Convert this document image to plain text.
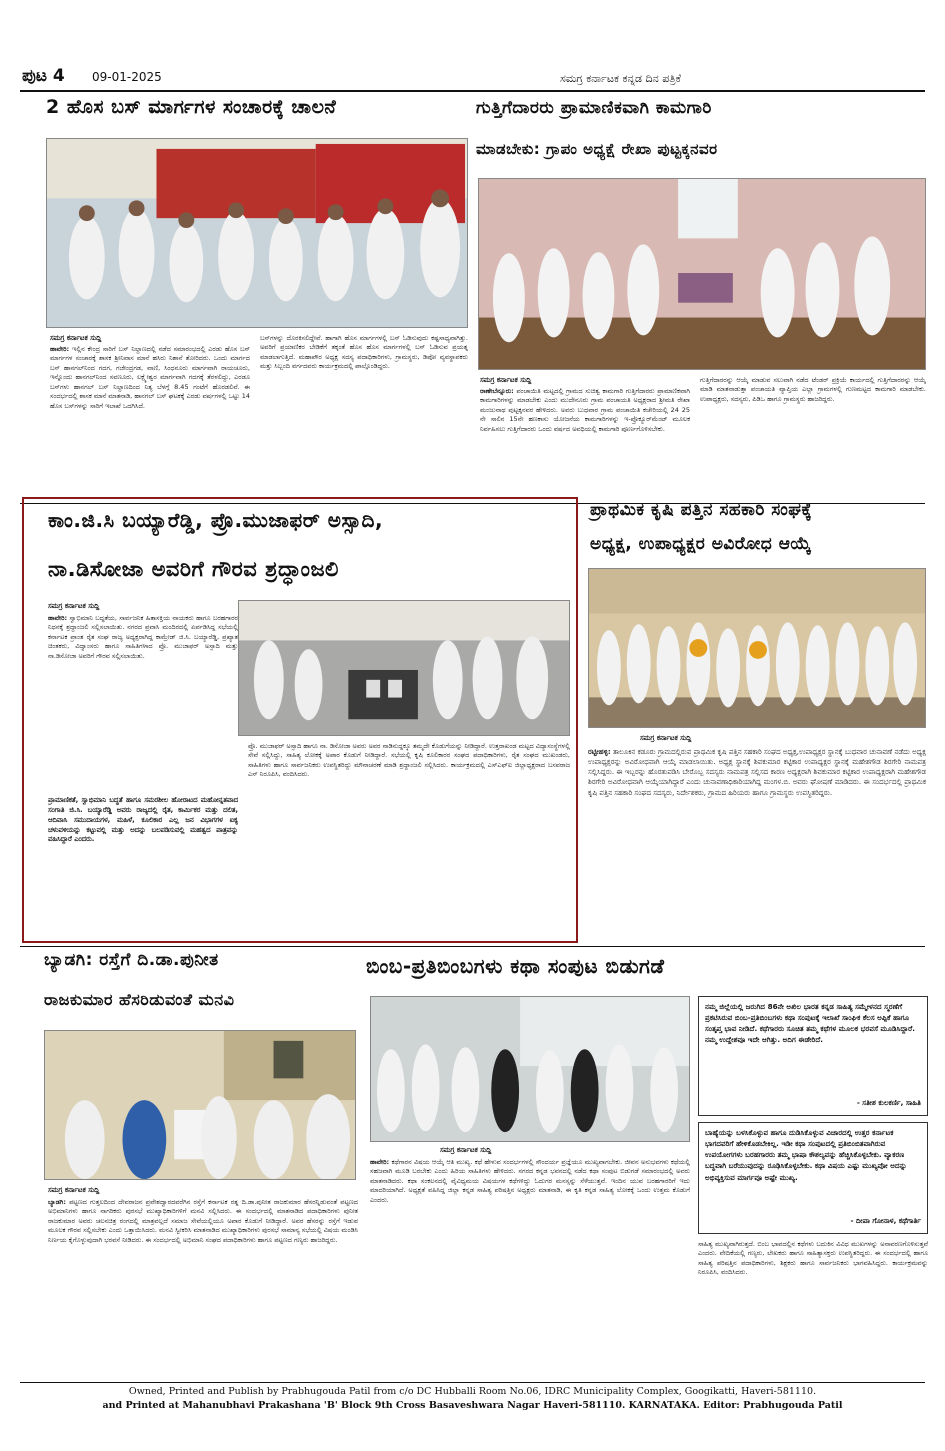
ಪುಟ 4 09-01-2025	ಸಮಗ್ರ ಕರ್ನಾಟಕ ಕನ್ನಡ ದಿನ ಪತ್ರಿಕೆ
2 ಹೊಸ ಬಸ್ ಮಾರ್ಗಗಳ ಸಂಚಾರಕ್ಕೆ ಚಾಲನೆ
ಸಮಗ್ರ ಕರ್ನಾಟಕ ಸುದ್ದಿ
ಹಾವೇರಿ: ಇಲ್ಲಿನ ಕೇಂದ್ರ ಸಾರಿಗೆ ಬಸ್ ನಿಲ್ದಾಣದಲ್ಲಿ ನಡೆದ ಸಮಾರಂಭದಲ್ಲಿ ಎರಡು ಹೊಸ ಬಸ್ ಮಾರ್ಗಗಳ ಸಂಚಾರಕ್ಕೆ ಶಾಸಕ ಶ್ರೀನಿವಾಸ ಮಾನೆ ಹಸಿರು ನಿಶಾನೆ ತೋರಿದರು. ಒಂದು ಮಾರ್ಗದ ಬಸ್ ಹಾನಗಲ್‌ನಿಂದ ಗದಗ, ಗಜೇಂದ್ರಗಡ, ವಾಣಿ, ಸಿಂಧನೂರು ಮಾರ್ಗವಾಗಿ ರಾಯಚೂರು, ಇನ್ನೊಂದು ಹಾನಗಲ್‌ನಿಂದ ಸವಣೂರು, ಲಕ್ಷ್ಮೇಶ್ವರ ಮಾರ್ಗವಾಗಿ ಗದಗಕ್ಕೆ ತೆರಳಲಿದ್ದು, ಎರಡೂ ಬಸ್‌ಗಳು ಹಾನಗಲ್ ಬಸ್ ನಿಲ್ದಾಣದಿಂದ ನಿತ್ಯ ಬೆಳಗ್ಗೆ 8.45 ಗಂಟೆಗೆ ಹೊರಡಲಿವೆ. ಈ ಸಂದರ್ಭದಲ್ಲಿ ಶಾಸಕ ಮಾನೆ ಮಾತನಾಡಿ, ಹಾನಗಲ್ ಬಸ್ ಘಟಕಕ್ಕೆ ಎರಡು ವರ್ಷಗಳಲ್ಲಿ ಒಟ್ಟು 14 ಹೊಸ ಬಸ್‌ಗಳನ್ನು ಸಾರಿಗೆ ಇಲಾಖೆ ಒದಗಿಸಿದೆ.
ಬಸ್‌ಗಳನ್ನು ದೊರಕಿಸಲಿದ್ದೇವೆ. ಹಾಗಾಗಿ ಹೊಸ ಮಾರ್ಗಗಳಲ್ಲಿ ಬಸ್ ಓಡಿಸುವುದು ಕಷ್ಟಸಾಧ್ಯವಾಗಿತ್ತು. ಅವರಿಗೆ ಪ್ರಯಾಣಿಕರ ಬೇಡಿಕೆಗೆ ತಕ್ಕಂತೆ ಹೊಸ ಹೊಸ ಮಾರ್ಗಗಳಲ್ಲಿ ಬಸ್ ಓಡಿಸುವ ಪ್ರಯತ್ನ ಮಾಡಲಾಗುತ್ತಿದೆ. ಮಹಾಪೌರ ಅಧ್ಯಕ್ಷ ಸದಸ್ಯ ಪದಾಧಿಕಾರಿಗಳು, ಗ್ರಾಮಸ್ಥರು, ಡಿಪೋ ವ್ಯವಸ್ಥಾಪಕರು ಮತ್ತು ಸಿಬ್ಬಂದಿ ವರ್ಗದವರು ಕಾರ್ಯಕ್ರಮದಲ್ಲಿ ಪಾಲ್ಗೊಂಡಿದ್ದರು.
ಗುತ್ತಿಗೆದಾರರು ಪ್ರಾಮಾಣಿಕವಾಗಿ ಕಾಮಗಾರಿ
ಮಾಡಬೇಕು: ಗ್ರಾಪಂ ಅಧ್ಯಕ್ಷೆ ರೇಖಾ ಪುಟ್ಟಕ್ಕನವರ
ಸಮಗ್ರ ಕರ್ನಾಟಕ ಸುದ್ದಿ
ರಾಣೇಬೆನ್ನೂರು: ಪಂಚಾಯಿತಿ ಮಟ್ಟದಲ್ಲಿ ಗ್ರಾಮದ ಸುಚಿತ್ವ ಕಾಮಗಾರಿ ಗುತ್ತಿಗೆದಾರರು ಪ್ರಾಮಾಣಿಕವಾಗಿ ಕಾಮಗಾರಿಗಳನ್ನು ಮಾಡಬೇಕು ಎಂದು ಮುದೇನೂರು ಗ್ರಾಮ ಪಂಚಾಯತಿ ಅಧ್ಯಕ್ಷರಾದ ಶ್ರೀಮತಿ ರೇಖಾ ಮಂಜುನಾಥ ಪುಟ್ಟಕ್ಕನವರ ಹೇಳಿದರು. ಅವರು ಬುಧವಾರ ಗ್ರಾಮ ಪಂಚಾಯಿತಿ ಕಚೇರಿಯಲ್ಲಿ 24 25 ನೇ ಸಾಲಿನ 15ನೇ ಹಣಕಾಸು ಯೋಜನೆಯ ಕಾಮಗಾರಿಗಳನ್ನು ಇ-ಪ್ರೊಕ್ಯೂರ್‌ಮೆಂಟ್ ಮೂಲಕ ನಿರ್ವಹಿಸಲು ಗುತ್ತಿಗೆದಾರರು ಒಂದು ವರ್ಷದ ಅವಧಿಯಲ್ಲಿ ಕಾಮಗಾರಿ ಪೂರ್ಣಗೊಳಿಸಬೇಕು.
ಗುತ್ತಿಗೆದಾರರನ್ನು ಆಯ್ಕೆ ಮಾಡುವ ಸಲುವಾಗಿ ನಡೆದ ಟೆಂಡರ್ ಪ್ರಕ್ರಿಯೆ ಕಾರ್ಯದಲ್ಲಿ ಗುತ್ತಿಗೆದಾರರನ್ನು ಆಯ್ಕೆ ಮಾಡಿ ಮಾತನಾಡುತ್ತಾ ಪಂಚಾಯತಿ ವ್ಯಾಪ್ತಿಯ ಎಲ್ಲಾ ಗ್ರಾಮಗಳಲ್ಲಿ ಗುಣಮಟ್ಟದ ಕಾಮಗಾರಿ ಮಾಡಬೇಕು. ಉಪಾಧ್ಯಕ್ಷರು, ಸದಸ್ಯರು, ಪಿಡಿಒ ಹಾಗೂ ಗ್ರಾಮಸ್ಥರು ಹಾಜರಿದ್ದರು.
ಕಾಂ.ಜಿ.ಸಿ ಬಯ್ಯಾರೆಡ್ಡಿ, ಪ್ರೊ.ಮುಜಾಫರ್ ಅಸ್ಸಾದಿ,
ನಾ.ಡಿಸೋಜಾ ಅವರಿಗೆ ಗೌರವ ಶ್ರದ್ಧಾಂಜಲಿ
ಸಮಗ್ರ ಕರ್ನಾಟಕ ಸುದ್ದಿ
ಹಾವೇರಿ: ಸ್ವಾಭಿಮಾನಿ ಬದ್ಧತೆಯ, ಸಾರ್ವಜನಿಕ ಹಿತಾಸಕ್ತಿಯ ನಾಯಕರು ಹಾಗೂ ಬರಹಗಾರರ ನಿಧನಕ್ಕೆ ಶ್ರದ್ಧಾಂಜಲಿ ಸಲ್ಲಿಸಲಾಯಿತು. ನಗರದ ಪ್ರವಾಸಿ ಮಂದಿರದಲ್ಲಿ ಏರ್ಪಡಿಸಿದ್ದ ಸಭೆಯಲ್ಲಿ ಕರ್ನಾಟಕ ಪ್ರಾಂತ ರೈತ ಸಂಘ ರಾಜ್ಯ ಅಧ್ಯಕ್ಷರಾಗಿದ್ದ ಕಾಮ್ರೇಡ್ ಜಿ.ಸಿ. ಬಯ್ಯಾರೆಡ್ಡಿ, ಪ್ರಖ್ಯಾತ ಚಿಂತಕರು, ವಿದ್ವಾಂಸರು ಹಾಗೂ ಸಾಹಿತಿಗಳಾದ ಪ್ರೊ. ಮುಜಾಫರ್ ಅಸ್ಸಾದಿ ಮತ್ತು ನಾ.ಡಿಸೋಜಾ ಅವರಿಗೆ ಗೌರವ ಸಲ್ಲಿಸಲಾಯಿತು.
ಪ್ರಾಮಾಣಿಕತೆ, ಸ್ವಾಭಿಮಾನಿ ಬದ್ಧತೆ ಹಾಗೂ ಸಮರಶೀಲ ಹೋರಾಟದ ಮಹೋನ್ನತವಾದ ಸಂಗಾತಿ ಜಿ.ಸಿ. ಬಯ್ಯಾರೆಡ್ಡಿ ಅವರು ರಾಜ್ಯದಲ್ಲಿ ರೈತ, ಕಾರ್ಮಿಕರ ಮತ್ತು ದಲಿತ, ಆದಿವಾಸಿ ಸಮುದಾಯಗಳ, ಮಹಿಳೆ, ಕೂಲಿಕಾರ ಎಲ್ಲ ಜನ ವಿಭಾಗಗಳ ಐಕ್ಯ ಚಳುವಳಿಯನ್ನು ಕಟ್ಟುವಲ್ಲಿ ಮತ್ತು ಅದನ್ನು ಬಲಪಡಿಸುವಲ್ಲಿ ಮಹತ್ವದ ಪಾತ್ರವನ್ನು ವಹಿಸಿದ್ದಾರೆ ಎಂದರು.
ಪ್ರೊ. ಮುಜಾಫರ್ ಅಸ್ಸಾದಿ ಹಾಗೂ ನಾ. ಡಿಸೋಜಾ ಅವರು ಅವರ ನಾಡಿನುದ್ದಕ್ಕೂ ತಮ್ಮದೇ ಕೊಡುಗೆಯನ್ನು ನೀಡಿದ್ದಾರೆ. ಉತ್ತರಾಖಂಡ ಮಟ್ಟದ ವಿದ್ಯಾಸಂಸ್ಥೆಗಳಲ್ಲಿ ಸೇವೆ ಸಲ್ಲಿಸಿದ್ದು, ಸಾಹಿತ್ಯ ಲೋಕಕ್ಕೆ ಅಪಾರ ಕೊಡುಗೆ ನೀಡಿದ್ದಾರೆ. ಸಭೆಯಲ್ಲಿ ಕೃಷಿ ಕೂಲಿಕಾರರ ಸಂಘದ ಪದಾಧಿಕಾರಿಗಳು, ರೈತ ಸಂಘದ ಮುಖಂಡರು, ಸಾಹಿತಿಗಳು ಹಾಗೂ ಸಾರ್ವಜನಿಕರು ಉಪಸ್ಥಿತರಿದ್ದು ಮೌನಾಚರಣೆ ಮಾಡಿ ಶ್ರದ್ಧಾಂಜಲಿ ಸಲ್ಲಿಸಿದರು. ಕಾರ್ಯಕ್ರಮದಲ್ಲಿ ಎಸ್ಎಫ್ಐ ಜಿಲ್ಲಾಧ್ಯಕ್ಷರಾದ ಬಸವರಾಜ ಎಸ್ ನಿರೂಪಿಸಿ, ವಂದಿಸಿದರು.
ಪ್ರಾಥಮಿಕ ಕೃಷಿ ಪತ್ತಿನ ಸಹಕಾರಿ ಸಂಘಕ್ಕೆ
ಅಧ್ಯಕ್ಷ, ಉಪಾಧ್ಯಕ್ಷರ ಅವಿರೋಧ ಆಯ್ಕೆ
ಸಮಗ್ರ ಕರ್ನಾಟಕ ಸುದ್ದಿ
ರಟ್ಟೀಹಳ್ಳಿ: ತಾಲೂಕಿನ ಕಡೂರು ಗ್ರಾಮದಲ್ಲಿರುವ ಪ್ರಾಥಮಿಕ ಕೃಷಿ ಪತ್ತಿನ ಸಹಕಾರಿ ಸಂಘದ ಅಧ್ಯಕ್ಷ,ಉಪಾಧ್ಯಕ್ಷರ ಸ್ಥಾನಕ್ಕೆ ಬುಧವಾರ ಚುನಾವಣೆ ನಡೆದು ಅಧ್ಯಕ್ಷ ಉಪಾಧ್ಯಕ್ಷರನ್ನು ಅವಿರೋಧವಾಗಿ ಆಯ್ಕೆ ಮಾಡಲಾಯಿತು. ಅಧ್ಯಕ್ಷ ಸ್ಥಾನಕ್ಕೆ ಶಿವಕುಮಾರ ಕಟ್ಟಿಕಾರ ಉಪಾಧ್ಯಕ್ಷರ ಸ್ಥಾನಕ್ಕೆ ಮಹೇಶಗೌಡ ಶಿರಗೇರಿ ನಾಮಪತ್ರ ಸಲ್ಲಿಸಿದ್ದರು. ಈ ಇಬ್ಬರನ್ನು ಹೊರತುಪಡಿಸಿ ಬೇರೊಬ್ಬ ಸದಸ್ಯರು ನಾಮಪತ್ರ ಸಲ್ಲಿಸದ ಕಾರಣ ಅಧ್ಯಕ್ಷರಾಗಿ ಶಿವಕುಮಾರ ಕಟ್ಟಿಕಾರ ಉಪಾಧ್ಯಕ್ಷರಾಗಿ ಮಹೇಶಗೌಡ ಶಿರಗೇರಿ ಅವಿರೋಧವಾಗಿ ಆಯ್ಕೆಯಾಗಿದ್ದಾರೆ ಎಂದು ಚುನಾವಣಾಧಿಕಾರಿಯಾಗಿದ್ದ ಮಂಗಳ.ಬಿ. ಅವರು ಘೋಷಣೆ ಮಾಡಿದರು. ಈ ಸಂದರ್ಭದಲ್ಲಿ ಪ್ರಾಥಮಿಕ ಕೃಷಿ ಪತ್ತಿನ ಸಹಕಾರಿ ಸಂಘದ ಸದಸ್ಯರು, ನಿರ್ದೇಶಕರು, ಗ್ರಾಮದ ಹಿರಿಯರು ಹಾಗೂ ಗ್ರಾಮಸ್ಥರು ಉಪಸ್ಥಿತರಿದ್ದರು.
ಬ್ಯಾಡಗಿ: ರಸ್ತೆಗೆ ದಿ.ಡಾ.ಪುನೀತ
ರಾಜಕುಮಾರ ಹೆಸರಿಡುವಂತೆ ಮನವಿ
ಸಮಗ್ರ ಕರ್ನಾಟಕ ಸುದ್ದಿ
ಬ್ಯಾಡಗಿ: ಪಟ್ಟಣದ ಗುತ್ತಲದಿಂದ ದೇವರಾಜನ ಪ್ರವೇಶದ್ವಾರದವರೆಗಿನ ರಸ್ತೆಗೆ ಕರ್ನಾಟಕ ರತ್ನ ದಿ.ಡಾ.ಪುನೀತ ರಾಜಕುಮಾರ ಹೆಸರನ್ನಿಡುವಂತೆ ಪಟ್ಟಣದ ಅಭಿಮಾನಿಗಳು ಹಾಗೂ ನಾಗರಿಕರು ಪುರಸಭೆ ಮುಖ್ಯಾಧಿಕಾರಿಗಳಿಗೆ ಮನವಿ ಸಲ್ಲಿಸಿದರು. ಈ ಸಂದರ್ಭದಲ್ಲಿ ಮಾತನಾಡಿದ ಪದಾಧಿಕಾರಿಗಳು ಪುನೀತ ರಾಜಕುಮಾರ ಅವರು ಚಲನಚಿತ್ರ ರಂಗದಲ್ಲಿ ಮಾತ್ರವಲ್ಲದೆ ಸಮಾಜ ಸೇವೆಯಲ್ಲಿಯೂ ಅಪಾರ ಕೊಡುಗೆ ನೀಡಿದ್ದಾರೆ. ಅವರ ಹೆಸರನ್ನು ರಸ್ತೆಗೆ ಇಡುವ ಮೂಲಕ ಗೌರವ ಸಲ್ಲಿಸಬೇಕು ಎಂದು ಒತ್ತಾಯಿಸಿದರು. ಮನವಿ ಸ್ವೀಕರಿಸಿ ಮಾತನಾಡಿದ ಮುಖ್ಯಾಧಿಕಾರಿಗಳು ಪುರಸಭೆ ಸಾಮಾನ್ಯ ಸಭೆಯಲ್ಲಿ ವಿಷಯ ಮಂಡಿಸಿ ನಿರ್ಣಯ ಕೈಗೊಳ್ಳುವುದಾಗಿ ಭರವಸೆ ನೀಡಿದರು. ಈ ಸಂದರ್ಭದಲ್ಲಿ ಅಭಿಮಾನಿ ಸಂಘದ ಪದಾಧಿಕಾರಿಗಳು ಹಾಗೂ ಪಟ್ಟಣದ ಗಣ್ಯರು ಹಾಜರಿದ್ದರು.
ಬಿಂಬ-ಪ್ರತಿಬಿಂಬಗಳು ಕಥಾ ಸಂಪುಟ ಬಿಡುಗಡೆ
ನಮ್ಮ ಜಿಲ್ಲೆಯಲ್ಲಿ ಜರುಗಿದ 86ನೇ ಅಖಿಲ ಭಾರತ ಕನ್ನಡ ಸಾಹಿತ್ಯ ಸಮ್ಮೇಳನದ ಸ್ಮರಣೆಗೆ ಪ್ರಕಟಿಸಿರುವ ಬಿಂಬ-ಪ್ರತಿಬಿಂಬಗಳು ಕಥಾ ಸಂಪುಟಕ್ಕೆ ಇಲಾಖೆ ಸಾಂಘಿಕ ಕೆಲಸ ಅಪ್ಪಿಕೆ ಹಾಗೂ ಸಂತೃಪ್ತ ಭಾವ ನೀಡಿದೆ. ಕಥೆಗಾರರು ಸೂಚಿತ ತಮ್ಮ ಕಥೆಗಳ ಮೂಲಕ ಭರವಸೆ ಮೂಡಿಸಿದ್ದಾರೆ. ನಮ್ಮ ಉದ್ದೇಶವೂ ಇದೇ ಆಗಿತ್ತು. ಅದಿಗ ಈಡೇರಿದೆ.
- ಸತೀಶ ಕುಲಕರ್ಣಿ, ಸಾಹಿತಿ
ಬಾಹ್ಯೆಯನ್ನು ಬಳಸಿಕೊಳ್ಳುವ ಹಾಗೂ ದುಡಿಸಿಕೊಳ್ಳುವ ವಿಚಾರದಲ್ಲಿ ಉತ್ತರ ಕರ್ನಾಟಕ ಭಾಗದವರಿಗೆ ಹೇಳಿಕೊಡಬೇಕಿಲ್ಲ. ಇಡೀ ಕಥಾ ಸಂಪುಟದಲ್ಲಿ ಪ್ರತಿಬಿಂಬಿತವಾಗಿರುವ ಉಪಯೋಗಗಳು ಬರಹಗಾರರು ತಮ್ಮ ಭಾಷಾ ಕೌಶಲ್ಯವನ್ನು ಹೆಚ್ಚಿಸಿಕೊಳ್ಳಬೇಕು. ವ್ಯಾಕರಣ ಬದ್ಧವಾಗಿ ಬರೆಯುವುದನ್ನು ರೂಢಿಸಿಕೊಳ್ಳಬೇಕು. ಕಥಾ ವಿಷಯ ಎಷ್ಟು ಮುಖ್ಯವೋ ಅದನ್ನು ಅಭಿವ್ಯಕ್ತಿಸುವ ಮಾರ್ಗವೂ ಅಷ್ಟೇ ಮುಖ್ಯ.
- ದೀಪಾ ಗೋನಾಳ, ಕಥೆಗಾರ್ತಿ
ಸಮಗ್ರ ಕರ್ನಾಟಕ ಸುದ್ದಿ
ಹಾವೇರಿ: ಕಥೆಗಾರನ ವಿಷಯ ಆಯ್ಕೆ ಆತಿ ಮುಖ್ಯ. ಕಥೆ ಹೇಳುವ ಸಂದರ್ಭಗಳಲ್ಲಿ ಸೌಂದರ್ಯ ಪ್ರಜ್ಞೆಯೂ ಮುಖ್ಯವಾಗಬೇಕು. ಜೀವನ ಅನುಭವಗಳು ಕಥೆಯಲ್ಲಿ ಸಹಜವಾಗಿ ಮೂಡಿ ಬರಬೇಕು ಎಂದು ಹಿರಿಯ ಸಾಹಿತಿಗಳು ಹೇಳಿದರು. ನಗರದ ಕನ್ನಡ ಭವನದಲ್ಲಿ ನಡೆದ ಕಥಾ ಸಂಪುಟ ಬಿಡುಗಡೆ ಸಮಾರಂಭದಲ್ಲಿ ಅವರು ಮಾತನಾಡಿದರು. ಕಥಾ ಸಂಕಲನದಲ್ಲಿ ವೈವಿಧ್ಯಮಯ ವಿಷಯಗಳ ಕಥೆಗಳಿದ್ದು ಓದುಗರ ಮನಸ್ಸನ್ನು ಸೆಳೆಯುತ್ತವೆ. ಇಂದಿನ ಯುವ ಬರಹಗಾರರಿಗೆ ಇದು ಮಾದರಿಯಾಗಿದೆ. ಅಧ್ಯಕ್ಷತೆ ವಹಿಸಿದ್ದ ಜಿಲ್ಲಾ ಕನ್ನಡ ಸಾಹಿತ್ಯ ಪರಿಷತ್ತಿನ ಅಧ್ಯಕ್ಷರು ಮಾತನಾಡಿ, ಈ ಕೃತಿ ಕನ್ನಡ ಸಾಹಿತ್ಯ ಲೋಕಕ್ಕೆ ಒಂದು ಉತ್ತಮ ಕೊಡುಗೆ ಎಂದರು.
ಸಾಹಿತ್ಯ ಮುಖ್ಯವಾಗಿರುತ್ತದೆ. ಬಿಂಬ ಭಾವದಲ್ಲಿನ ಕಥೆಗಳು ಬದುಕಿನ ವಿವಿಧ ಮುಖಗಳನ್ನು ಅನಾವರಣಗೊಳಿಸುತ್ತವೆ ಎಂದರು. ವೇದಿಕೆಯಲ್ಲಿ ಗಣ್ಯರು, ಲೇಖಕರು ಹಾಗೂ ಸಾಹಿತ್ಯಾಸಕ್ತರು ಉಪಸ್ಥಿತರಿದ್ದರು. ಈ ಸಂದರ್ಭದಲ್ಲಿ ಹಾಗೂ ಸಾಹಿತ್ಯ ಪರಿಷತ್ತಿನ ಪದಾಧಿಕಾರಿಗಳು, ಶಿಕ್ಷಕರು ಹಾಗೂ ಸಾರ್ವಜನಿಕರು ಭಾಗವಹಿಸಿದ್ದರು. ಕಾರ್ಯಕ್ರಮವನ್ನು ನಿರೂಪಿಸಿ, ವಂದಿಸಿದರು.
Owned, Printed and Publish by Prabhugouda Patil from c/o DC Hubballi Room No.06, IDRC Municipality Complex, Googikatti, Haveri-581110.
and Printed at Mahanubhavi Prakashana 'B' Block 9th Cross Basaveshwara Nagar Haveri-581110. KARNATAKA. Editor: Prabhugouda Patil
